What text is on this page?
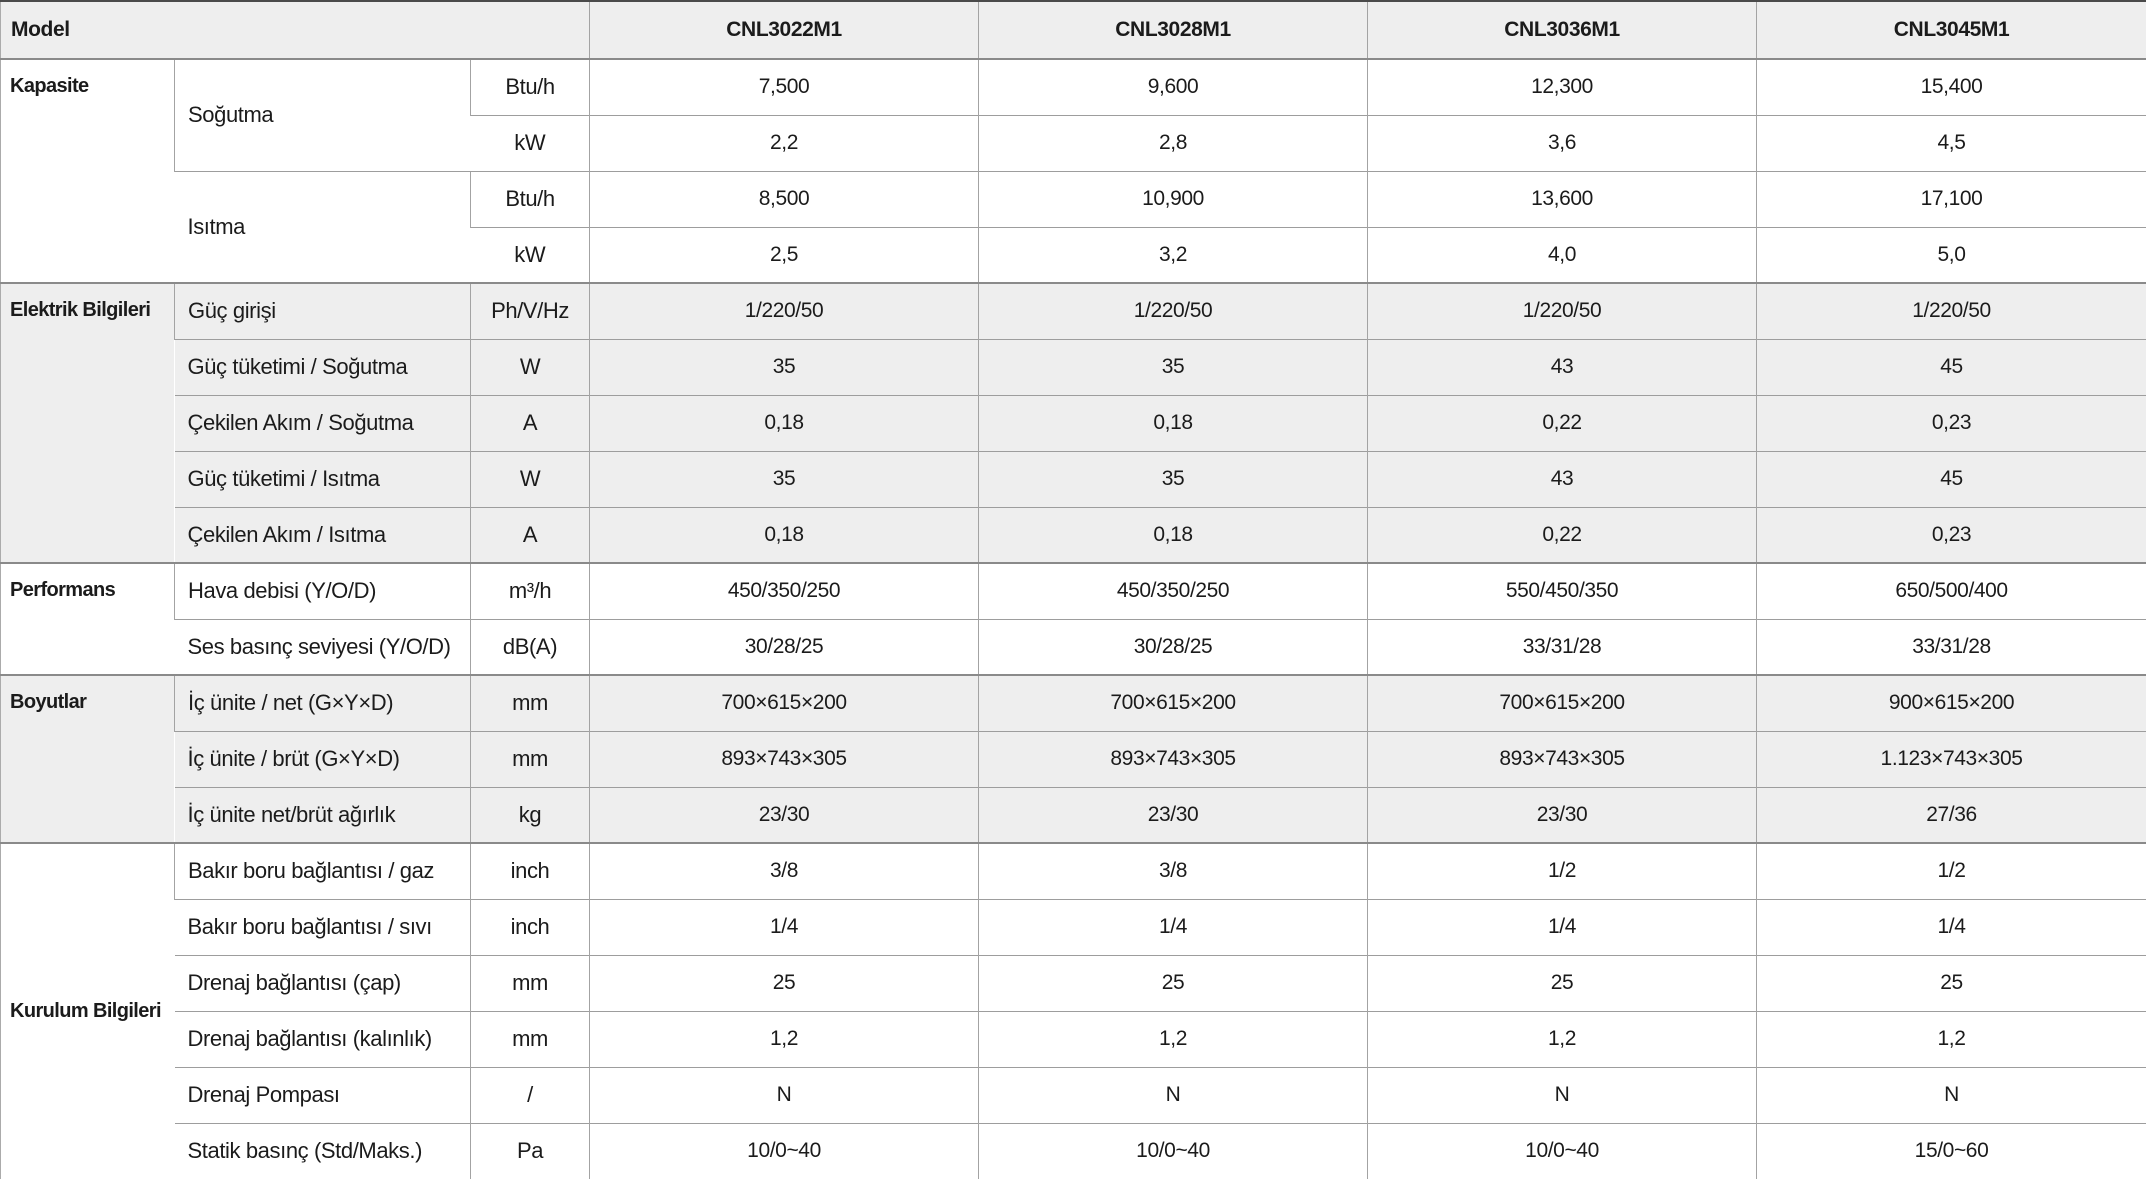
Model			CNL3022M1	CNL3028M1	CNL3036M1	CNL3045M1
Kapasite	Soğutma	Btu/h	7,500	9,600	12,300	15,400
		kW	2,2	2,8	3,6	4,5
	Isıtma	Btu/h	8,500	10,900	13,600	17,100
		kW	2,5	3,2	4,0	5,0
Elektrik Bilgileri	Güç girişi	Ph/V/Hz	1/220/50	1/220/50	1/220/50	1/220/50
	Güç tüketimi / Soğutma	W	35	35	43	45
	Çekilen Akım / Soğutma	A	0,18	0,18	0,22	0,23
	Güç tüketimi / Isıtma	W	35	35	43	45
	Çekilen Akım / Isıtma	A	0,18	0,18	0,22	0,23
Performans	Hava debisi (Y/O/D)	m³/h	450/350/250	450/350/250	550/450/350	650/500/400
	Ses basınç seviyesi (Y/O/D)	dB(A)	30/28/25	30/28/25	33/31/28	33/31/28
Boyutlar	İç ünite / net (G×Y×D)	mm	700×615×200	700×615×200	700×615×200	900×615×200
	İç ünite / brüt (G×Y×D)	mm	893×743×305	893×743×305	893×743×305	1.123×743×305
	İç ünite net/brüt ağırlık	kg	23/30	23/30	23/30	27/36
Kurulum Bilgileri	Bakır boru bağlantısı / gaz	inch	3/8	3/8	1/2	1/2
	Bakır boru bağlantısı / sıvı	inch	1/4	1/4	1/4	1/4
	Drenaj bağlantısı (çap)	mm	25	25	25	25
	Drenaj bağlantısı (kalınlık)	mm	1,2	1,2	1,2	1,2
	Drenaj Pompası	/	N	N	N	N
	Statik basınç (Std/Maks.)	Pa	10/0~40	10/0~40	10/0~40	15/0~60
